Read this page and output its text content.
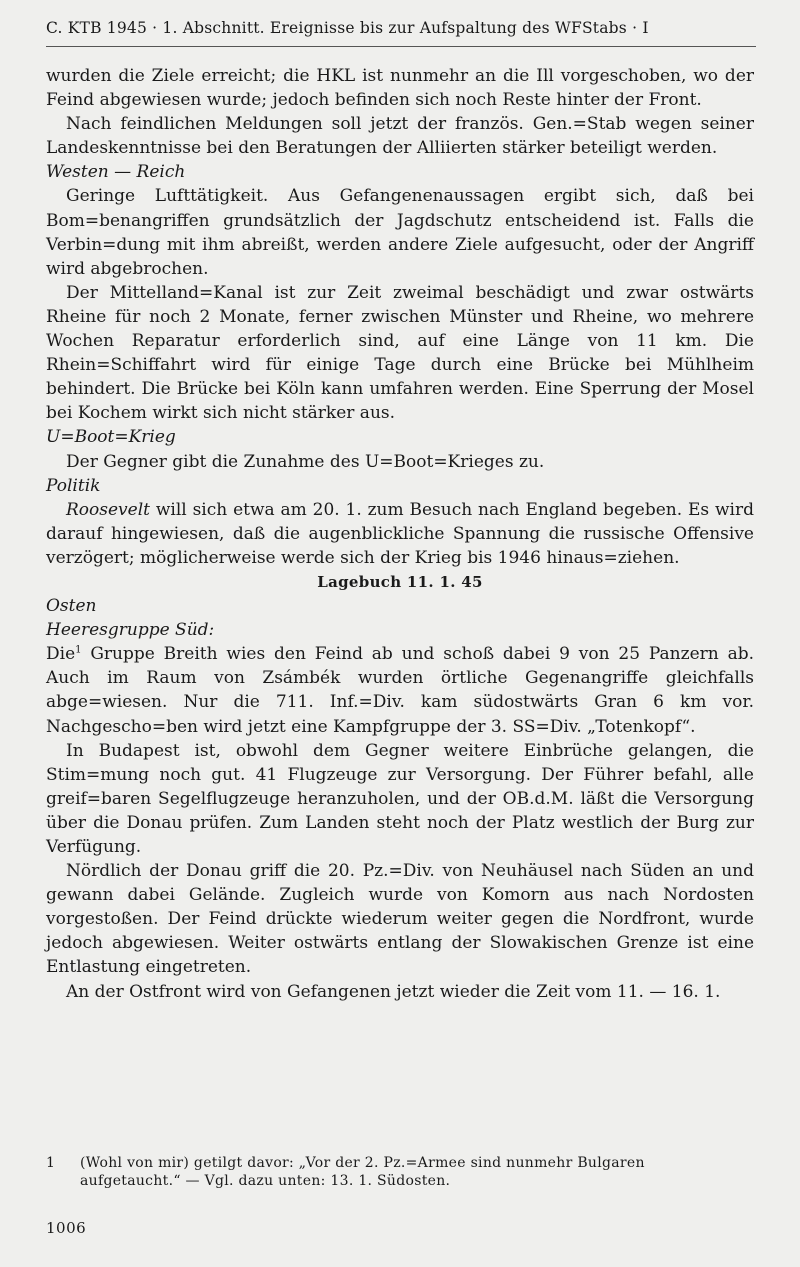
C. KTB 1945 · 1. Abschnitt. Ereignisse bis zur Aufspaltung des WFStabs · I

wurden die Ziele erreicht; die HKL ist nunmehr an die Ill vorgeschoben, wo der Feind abgewiesen wurde; jedoch befinden sich noch Reste hinter der Front.

Nach feindlichen Meldungen soll jetzt der französ. Gen.=Stab wegen seiner Landeskenntnisse bei den Beratungen der Alliierten stärker beteiligt werden.

Westen — Reich

Geringe Lufttätigkeit. Aus Gefangenenaussagen ergibt sich, daß bei Bom=benangriffen grundsätzlich der Jagdschutz entscheidend ist. Falls die Verbin=dung mit ihm abreißt, werden andere Ziele aufgesucht, oder der Angriff wird abgebrochen.

Der Mittelland=Kanal ist zur Zeit zweimal beschädigt und zwar ostwärts Rheine für noch 2 Monate, ferner zwischen Münster und Rheine, wo mehrere Wochen Reparatur erforderlich sind, auf eine Länge von 11 km. Die Rhein=Schiffahrt wird für einige Tage durch eine Brücke bei Mühlheim behindert. Die Brücke bei Köln kann umfahren werden. Eine Sperrung der Mosel bei Kochem wirkt sich nicht stärker aus.

U=Boot=Krieg

Der Gegner gibt die Zunahme des U=Boot=Krieges zu.

Politik

Roosevelt will sich etwa am 20. 1. zum Besuch nach England begeben. Es wird darauf hingewiesen, daß die augenblickliche Spannung die russische Offensive verzögert; möglicherweise werde sich der Krieg bis 1946 hinaus=ziehen.

Lagebuch 11. 1. 45

Osten

Heeresgruppe Süd:

Die$^1$ Gruppe Breith wies den Feind ab und schoß dabei 9 von 25 Panzern ab. Auch im Raum von Zsámbék wurden örtliche Gegenangriffe gleichfalls abge=wiesen. Nur die 711. Inf.=Div. kam südostwärts Gran 6 km vor. Nachgescho=ben wird jetzt eine Kampfgruppe der 3. SS=Div. „Totenkopf“.

In Budapest ist, obwohl dem Gegner weitere Einbrüche gelangen, die Stim=mung noch gut. 41 Flugzeuge zur Versorgung. Der Führer befahl, alle greif=baren Segelflugzeuge heranzuholen, und der OB.d.M. läßt die Versorgung über die Donau prüfen. Zum Landen steht noch der Platz westlich der Burg zur Verfügung.

Nördlich der Donau griff die 20. Pz.=Div. von Neuhäusel nach Süden an und gewann dabei Gelände. Zugleich wurde von Komorn aus nach Nordosten vorgestoßen. Der Feind drückte wiederum weiter gegen die Nordfront, wurde jedoch abgewiesen. Weiter ostwärts entlang der Slowakischen Grenze ist eine Entlastung eingetreten.

An der Ostfront wird von Gefangenen jetzt wieder die Zeit vom 11. — 16. 1.

1 (Wohl von mir) getilgt davor: „Vor der 2. Pz.=Armee sind nunmehr Bulgaren
aufgetaucht.“ — Vgl. dazu unten: 13. 1. Südosten.
1006
